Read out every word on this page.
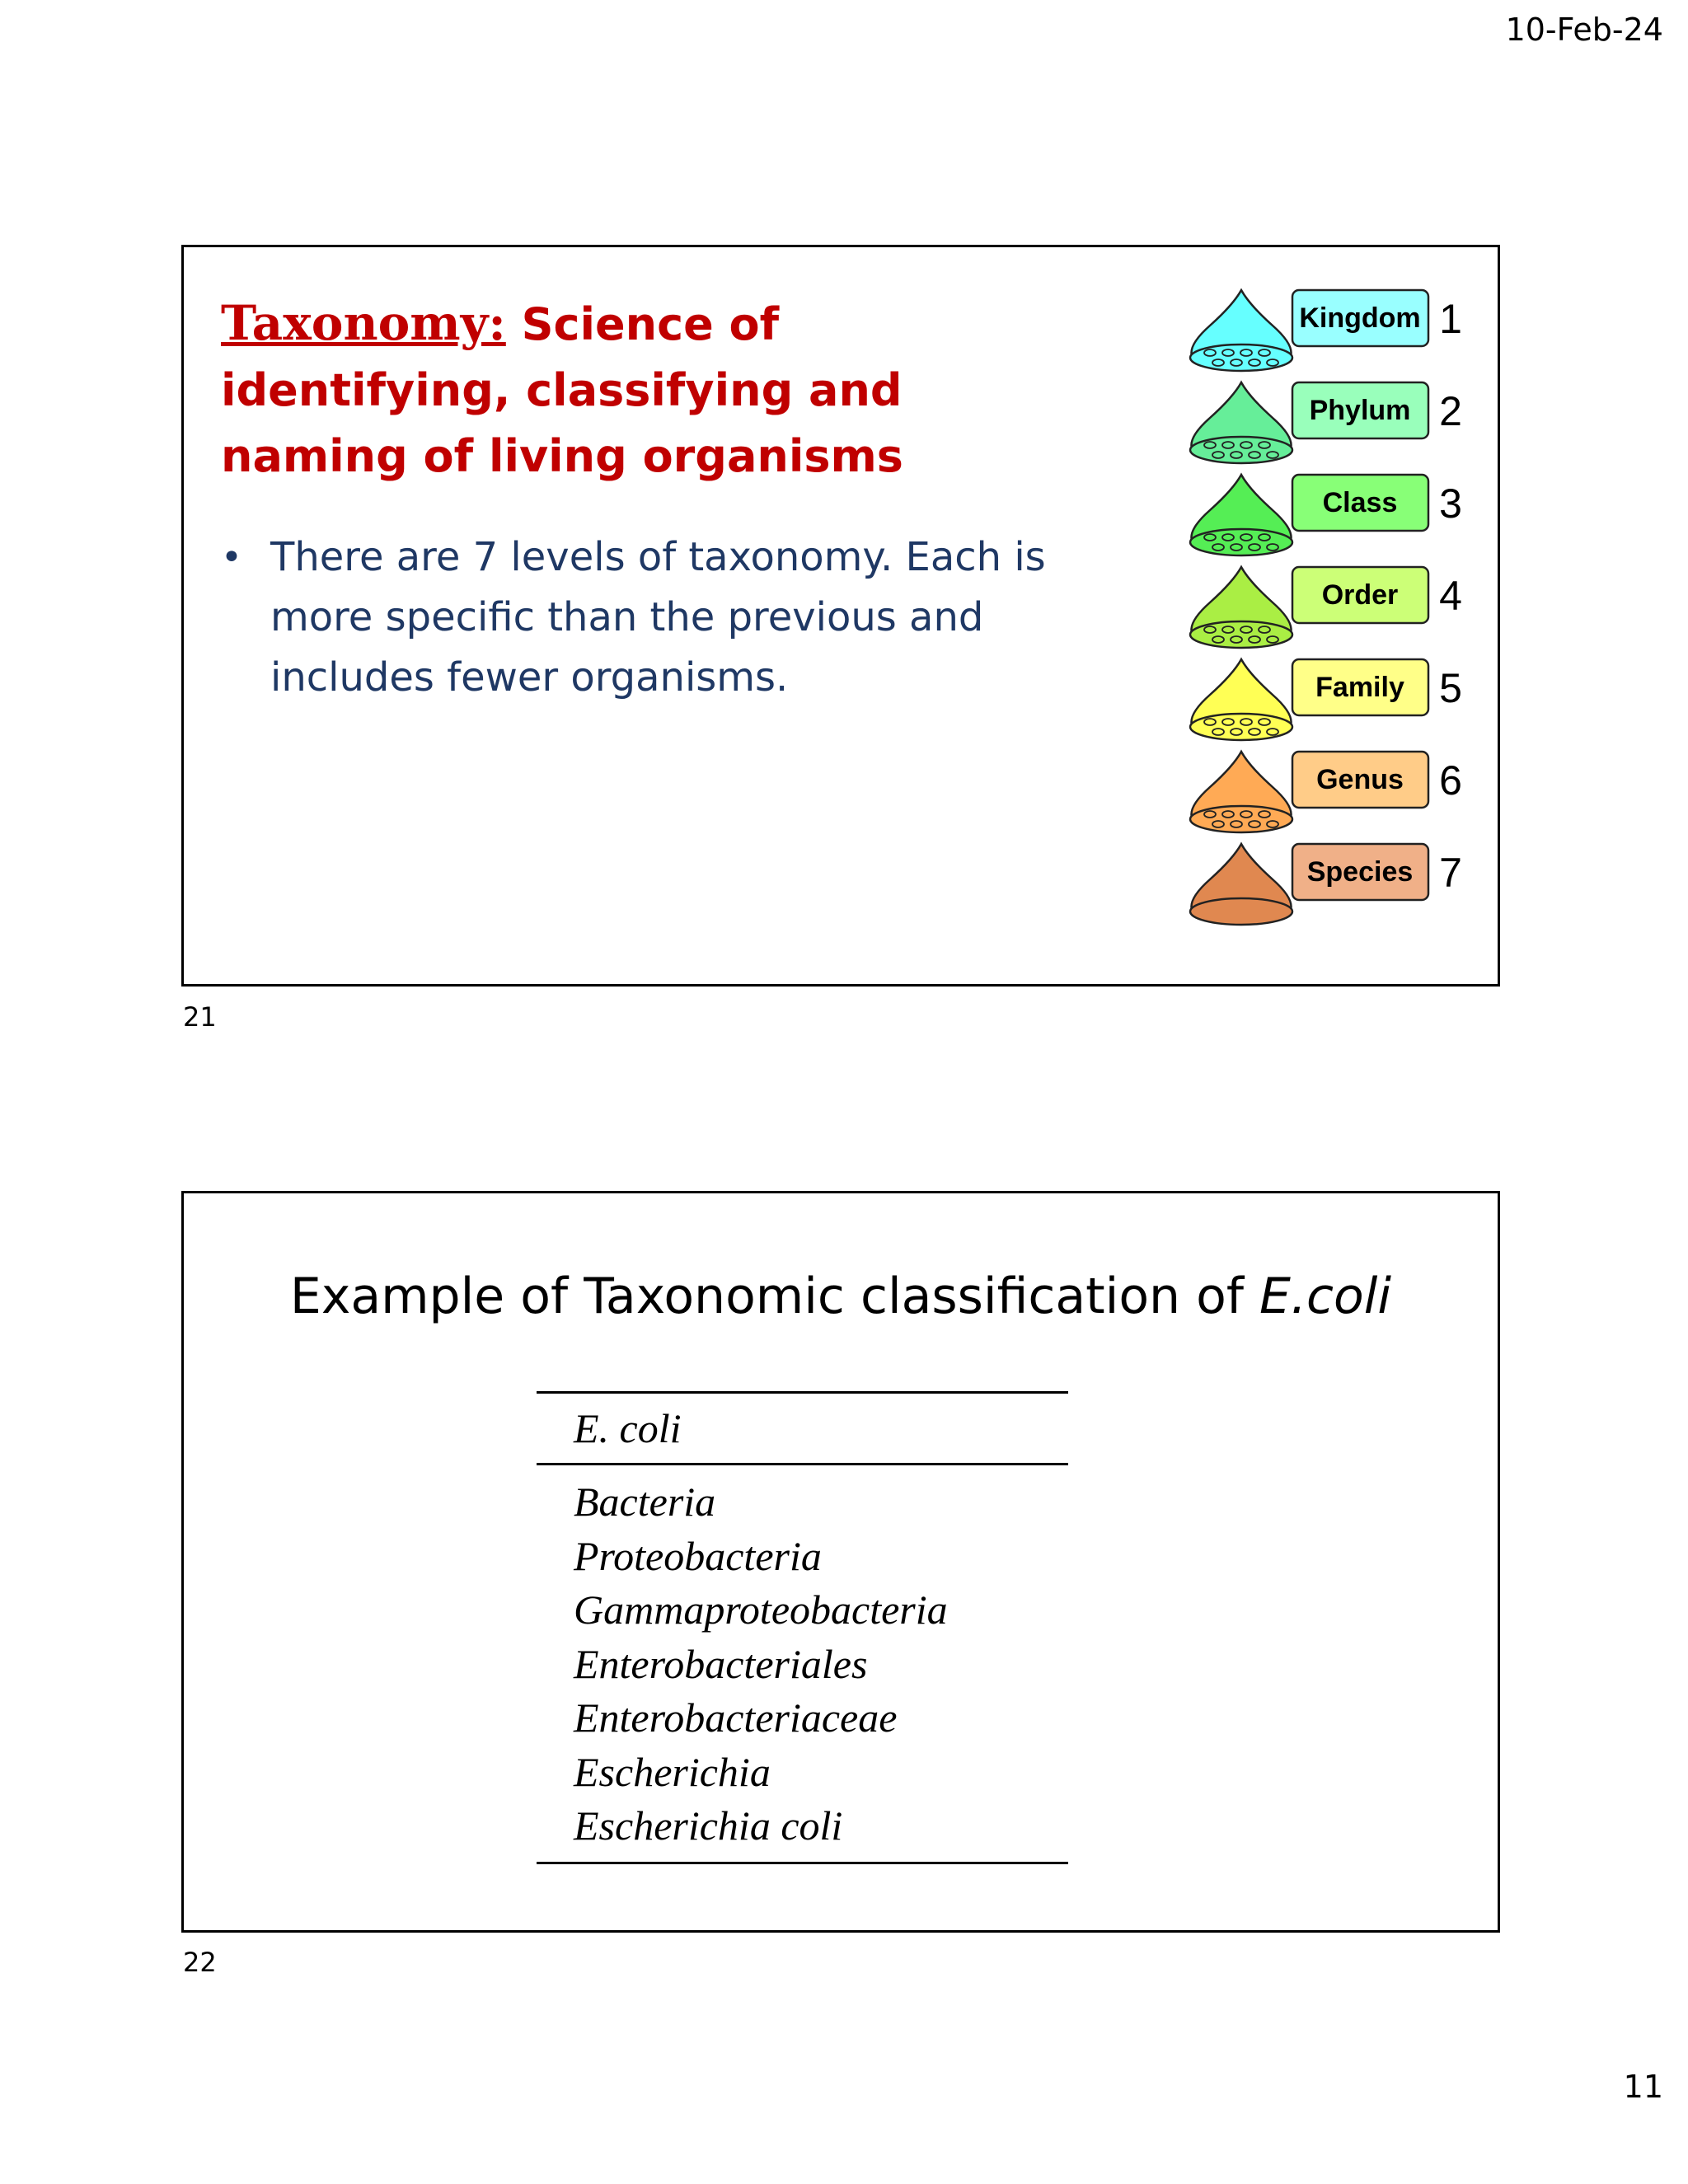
10-Feb-24
Taxonomy: Science of identifying, classifying and naming of living organisms
• There are 7 levels of taxonomy. Each is more specific than the previous and includes fewer organisms.
Kingdom 1
Phylum 2
Class 3
Order 4
Family 5
Genus 6
Species 7
21
Example of Taxonomic classification of E.coli
E. coli
Bacteria
Proteobacteria
Gammaproteobacteria
Enterobacteriales
Enterobacteriaceae
Escherichia
Escherichia coli
22
11
